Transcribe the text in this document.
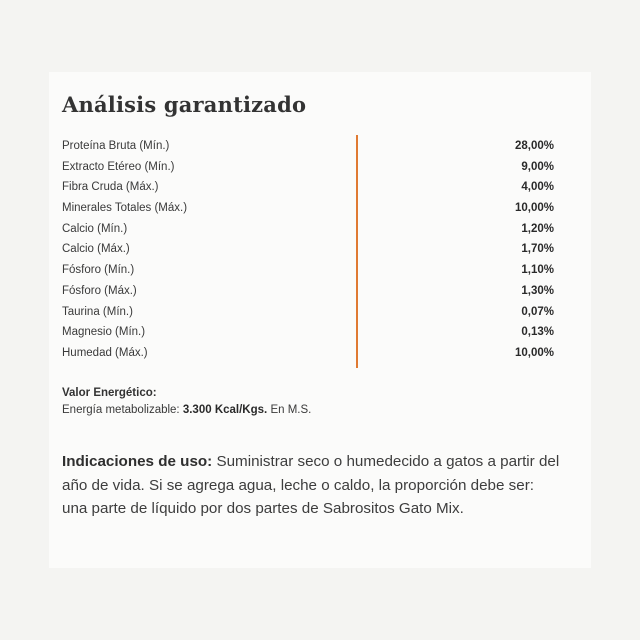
Análisis garantizado
Proteína Bruta (Mín.)	28,00%
Extracto Etéreo (Mín.)	9,00%
Fibra Cruda (Máx.)	4,00%
Minerales Totales (Máx.)	10,00%
Calcio (Mín.)	1,20%
Calcio (Máx.)	1,70%
Fósforo (Mín.)	1,10%
Fósforo (Máx.)	1,30%
Taurina (Mín.)	0,07%
Magnesio (Mín.)	0,13%
Humedad (Máx.)	10,00%
Valor Energético:
Energía metabolizable: 3.300 Kcal/Kgs. En M.S.

Indicaciones de uso: Suministrar seco o humedecido a gatos a partir del año de vida. Si se agrega agua, leche o caldo, la proporción debe ser: una parte de líquido por dos partes de Sabrositos Gato Mix.
